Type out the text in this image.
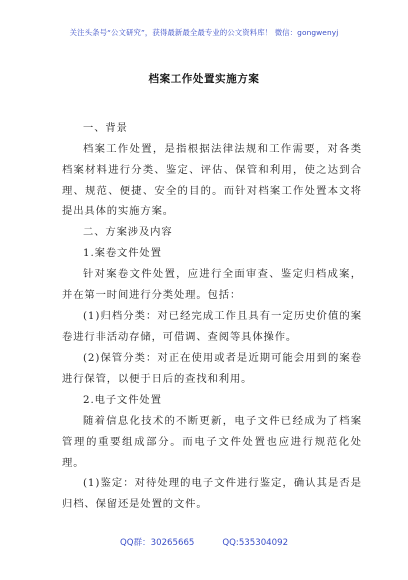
关注头条号“公文研究”，获得最新最全最专业的公文资料库！ 微信：gongwenyj
档案工作处置实施方案
一、背景
档案工作处置，是指根据法律法规和工作需要，对各类档案材料进行分类、鉴定、评估、保管和利用，使之达到合理、规范、便捷、安全的目的。而针对档案工作处置本文将提出具体的实施方案。
二、方案涉及内容
1.案卷文件处置
针对案卷文件处置，应进行全面审查、鉴定归档成案，并在第一时间进行分类处理。包括：
(1)归档分类：对已经完成工作且具有一定历史价值的案卷进行非活动存储，可借调、查阅等具体操作。
(2)保管分类：对正在使用或者是近期可能会用到的案卷进行保管，以便于日后的查找和利用。
2.电子文件处置
随着信息化技术的不断更新，电子文件已经成为了档案管理的重要组成部分。而电子文件处置也应进行规范化处理。
(1)鉴定：对待处理的电子文件进行鉴定，确认其是否是归档、保留还是处置的文件。
QQ群：30265665	QQ:535304092
